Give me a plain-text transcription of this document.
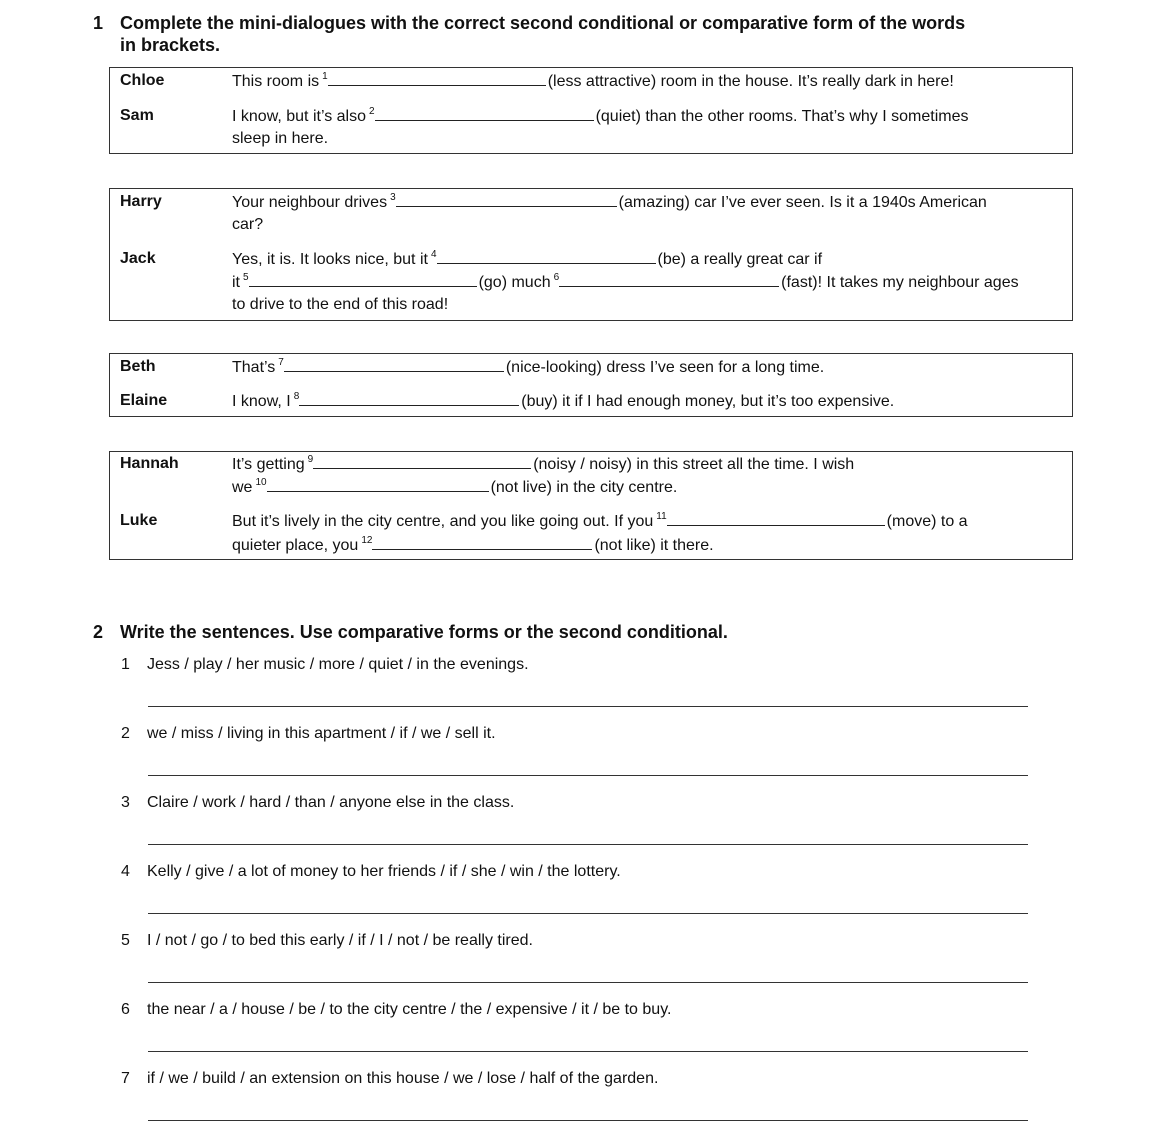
1 Complete the mini-dialogues with the correct second conditional or comparative form of the words
in brackets.
Chloe	This room is $^1$	(less attractive) room in the house. It’s really dark in here!
Sam	I know, but it’s also $^2$	(quiet) than the other rooms. That’s why I sometimes
sleep in here.
Harry	Your neighbour drives $^3$	(amazing) car I’ve ever seen. Is it a 1940s American
car?
Jack	Yes, it is. It looks nice, but it $^4$	(be) a really great car if
it $^5$	(go) much $^6$	(fast)! It takes my neighbour ages
to drive to the end of this road!
Beth	That’s $^7$	(nice-looking) dress I’ve seen for a long time.
Elaine	I know, I $^8$	(buy) it if I had enough money, but it’s too expensive.
Hannah	It’s getting $^9$	(noisy / noisy) in this street all the time. I wish
we $^{10}$	(not live) in the city centre.
Luke	But it’s lively in the city centre, and you like going out. If you $^{11}$	(move) to a
quieter place, you $^{12}$	(not like) it there.
2 Write the sentences. Use comparative forms or the second conditional.
1 Jess / play / her music / more / quiet / in the evenings.
2 we / miss / living in this apartment / if / we / sell it.
3 Claire / work / hard / than / anyone else in the class.
4 Kelly / give / a lot of money to her friends / if / she / win / the lottery.
5 I / not / go / to bed this early / if / I / not / be really tired.
6 the near / a / house / be / to the city centre / the / expensive / it / be to buy.
7 if / we / build / an extension on this house / we / lose / half of the garden.
